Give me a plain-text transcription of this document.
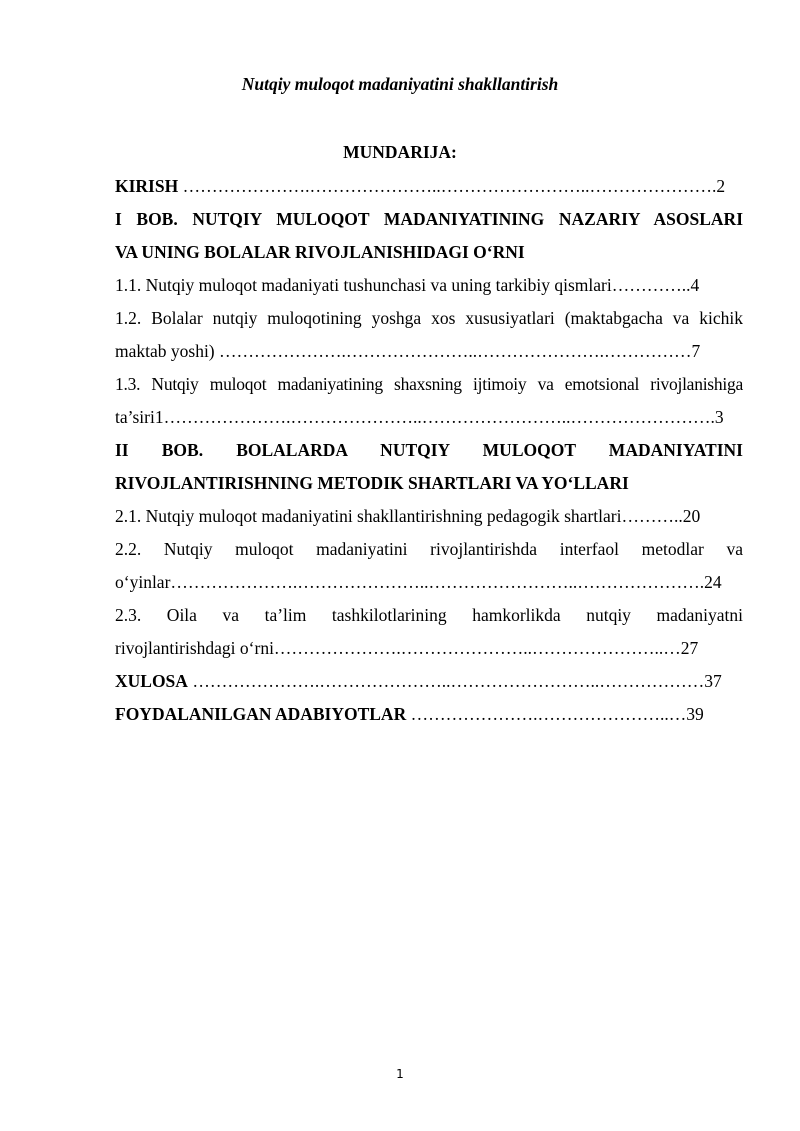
Nutqiy muloqot madaniyatini shakllantirish
MUNDARIJA:
KIRISH ………………….…………………..……………………..………………….2
I BOB. NUTQIY MULOQOT MADANIYATINING NAZARIY ASOSLARI
VA UNING BOLALAR RIVOJLANISHIDAGI O‘RNI
1.1. Nutqiy muloqot madaniyati tushunchasi va uning tarkibiy qismlari…………..4
1.2. Bolalar nutqiy muloqotining yoshga xos xususiyatlari (maktabgacha va kichik
maktab yoshi) ………………….…………………..………………….……………7
1.3. Nutqiy muloqot madaniyatining shaxsning ijtimoiy va emotsional rivojlanishiga
ta’siri1………………….…………………..……………………..…………………….3
II BOB. BOLALARDA NUTQIY MULOQOT MADANIYATINI
RIVOJLANTIRISHNING METODIK SHARTLARI VA YO‘LLARI
2.1. Nutqiy muloqot madaniyatini shakllantirishning pedagogik shartlari………..20
2.2. Nutqiy muloqot madaniyatini rivojlantirishda interfaol metodlar va
o‘yinlar………………….…………………..……………………..………………….24
2.3. Oila va ta’lim tashkilotlarining hamkorlikda nutqiy madaniyatni
rivojlantirishdagi o‘rni………………….…………………..…………………..…27
XULOSA ………………….…………………..……………………..………………37
FOYDALANILGAN ADABIYOTLAR ………………….…………………..…39
1
